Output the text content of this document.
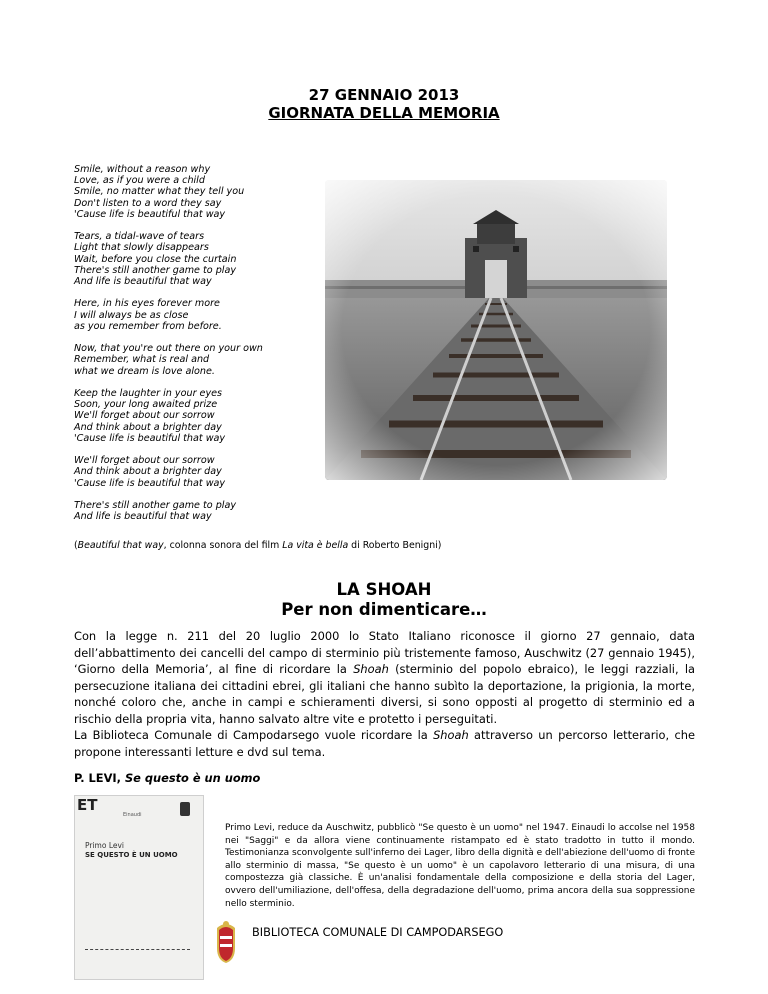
27 GENNAIO 2013
GIORNATA DELLA MEMORIA

Smile, without a reason why
Love, as if you were a child
Smile, no matter what they tell you
Don't listen to a word they say
'Cause life is beautiful that way

Tears, a tidal-wave of tears
Light that slowly disappears
Wait, before you close the curtain
There's still another game to play
And life is beautiful that way

Here, in his eyes forever more
I will always be as close
as you remember from before.

Now, that you're out there on your own
Remember, what is real and
what we dream is love alone.

Keep the laughter in your eyes
Soon, your long awaited prize
We'll forget about our sorrow
And think about a brighter day
'Cause life is beautiful that way

We'll forget about our sorrow
And think about a brighter day
'Cause life is beautiful that way

There's still another game to play
And life is beautiful that way

(Beautiful that way, colonna sonora del film La vita è bella di Roberto Benigni)
LA SHOAH
Per non dimenticare…
Con la legge n. 211 del 20 luglio 2000 lo Stato Italiano riconosce il giorno 27 gennaio, data dell’abbattimento dei cancelli del campo di sterminio più tristemente famoso, Auschwitz (27 gennaio 1945), ‘Giorno della Memoria’, al fine di ricordare la Shoah (sterminio del popolo ebraico), le leggi razziali, la persecuzione italiana dei cittadini ebrei, gli italiani che hanno subìto la deportazione, la prigionia, la morte, nonché coloro che, anche in campi e schieramenti diversi, si sono opposti al progetto di sterminio ed a rischio della propria vita, hanno salvato altre vite e protetto i perseguitati.
La Biblioteca Comunale di Campodarsego vuole ricordare la Shoah attraverso un percorso letterario, che propone interessanti letture e dvd sul tema.
P. LEVI, Se questo è un uomo
ET
Einaudi
Primo Levi
SE QUESTO È UN UOMO
Primo Levi, reduce da Auschwitz, pubblicò "Se questo è un uomo" nel 1947. Einaudi lo accolse nel 1958 nei "Saggi" e da allora viene continuamente ristampato ed è stato tradotto in tutto il mondo. Testimonianza sconvolgente sull'inferno dei Lager, libro della dignità e dell'abiezione dell'uomo di fronte allo sterminio di massa, "Se questo è un uomo" è un capolavoro letterario di una misura, di una compostezza già classiche. È un'analisi fondamentale della composizione e della storia del Lager, ovvero dell'umiliazione, dell'offesa, della degradazione dell'uomo, prima ancora della sua soppressione nello sterminio.
BIBLIOTECA COMUNALE DI CAMPODARSEGO
